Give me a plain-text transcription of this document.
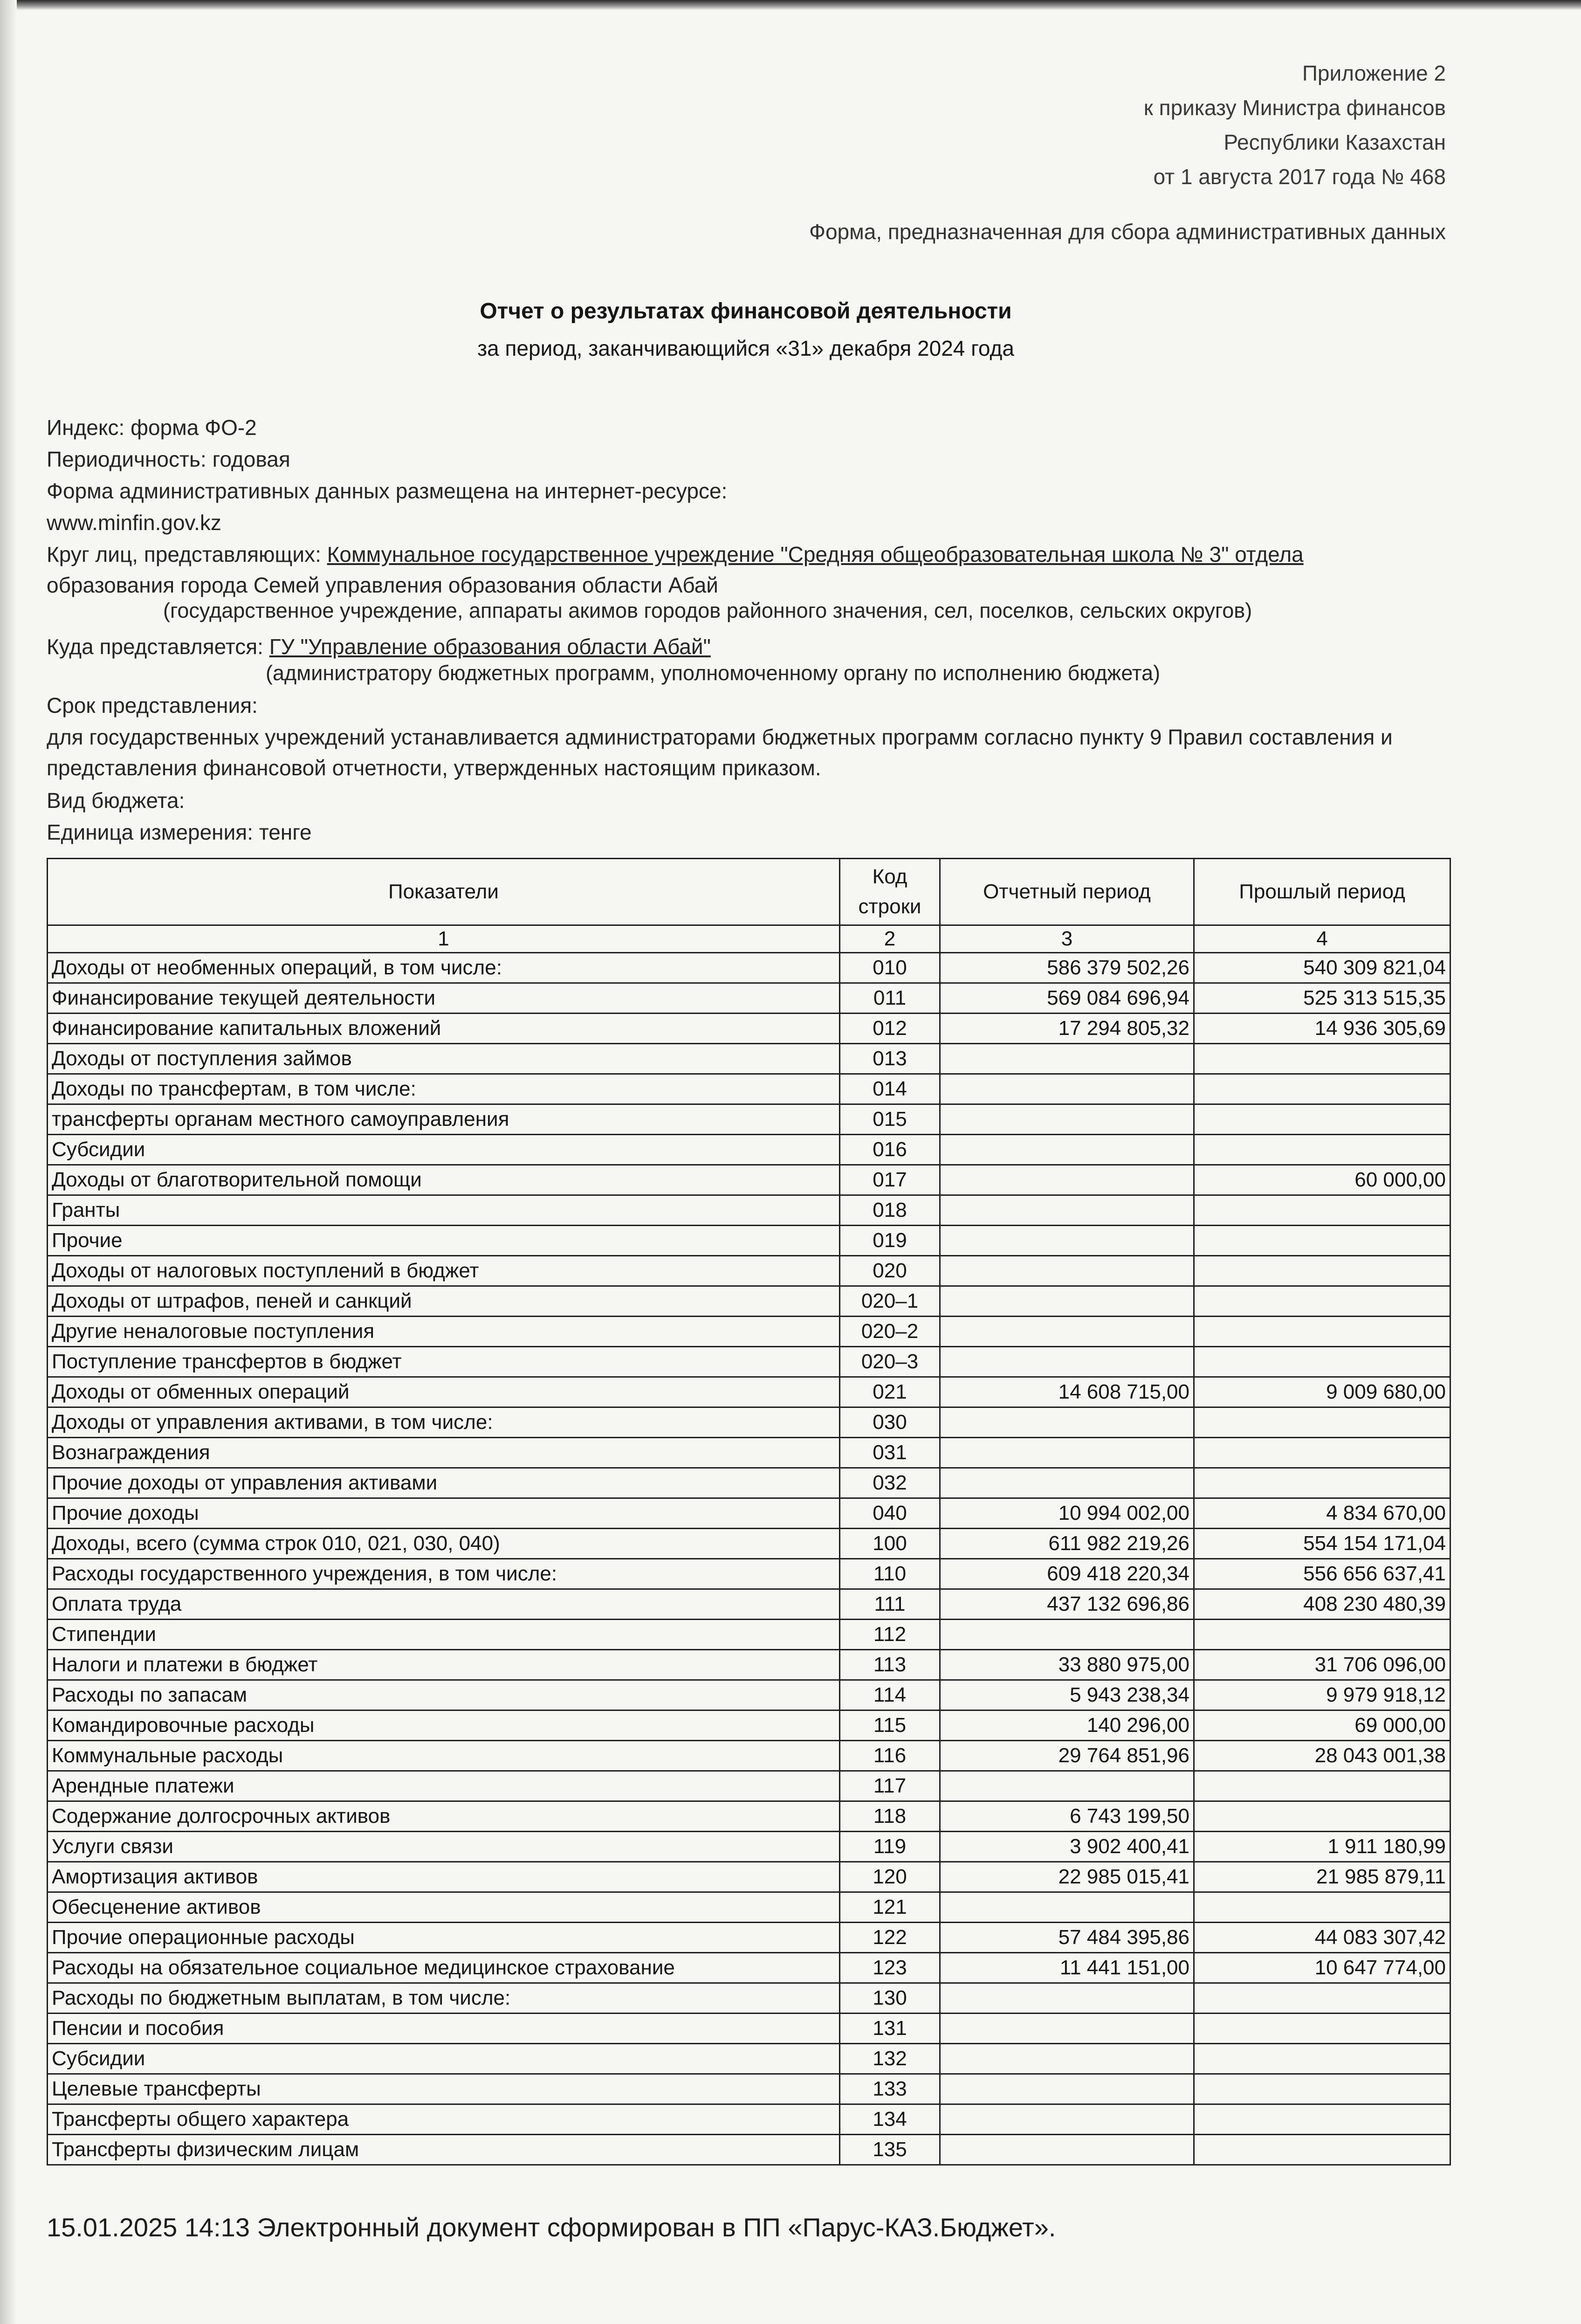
Приложение 2
к приказу Министра финансов
Республики Казахстан
от 1 августа 2017 года № 468
Форма, предназначенная для сбора административных данных
Отчет о результатах финансовой деятельности
за период, заканчивающийся «31» декабря 2024 года
Индекс: форма ФО-2
Периодичность: годовая
Форма административных данных размещена на интернет-ресурсе:
www.minfin.gov.kz
Круг лиц, представляющих: Коммунальное государственное учреждение "Средняя общеобразовательная школа № 3" отдела
образования города Семей управления образования области Абай
(государственное учреждение, аппараты акимов городов районного значения, сел, поселков, сельских округов)
Куда представляется: ГУ "Управление образования области Абай"
(администратору бюджетных программ, уполномоченному органу по исполнению бюджета)
Срок представления:
для государственных учреждений устанавливается администраторами бюджетных программ согласно пункту 9 Правил составления и
представления финансовой отчетности, утвержденных настоящим приказом.
Вид бюджета:
Единица измерения: тенге
Показатели	Код строки	Отчетный период	Прошлый период
1	2	3	4
Доходы от необменных операций, в том числе:	010	586 379 502,26	540 309 821,04
Финансирование текущей деятельности	011	569 084 696,94	525 313 515,35
Финансирование капитальных вложений	012	17 294 805,32	14 936 305,69
Доходы от поступления займов	013		
Доходы по трансфертам, в том числе:	014		
трансферты органам местного самоуправления	015		
Субсидии	016		
Доходы от благотворительной помощи	017		60 000,00
Гранты	018		
Прочие	019		
Доходы от налоговых поступлений в бюджет	020		
Доходы от штрафов, пеней и санкций	020–1		
Другие неналоговые поступления	020–2		
Поступление трансфертов в бюджет	020–3		
Доходы от обменных операций	021	14 608 715,00	9 009 680,00
Доходы от управления активами, в том числе:	030		
Вознаграждения	031		
Прочие доходы от управления активами	032		
Прочие доходы	040	10 994 002,00	4 834 670,00
Доходы, всего (сумма строк 010, 021, 030, 040)	100	611 982 219,26	554 154 171,04
Расходы государственного учреждения, в том числе:	110	609 418 220,34	556 656 637,41
Оплата труда	111	437 132 696,86	408 230 480,39
Стипендии	112		
Налоги и платежи в бюджет	113	33 880 975,00	31 706 096,00
Расходы по запасам	114	5 943 238,34	9 979 918,12
Командировочные расходы	115	140 296,00	69 000,00
Коммунальные расходы	116	29 764 851,96	28 043 001,38
Арендные платежи	117		
Содержание долгосрочных активов	118	6 743 199,50	
Услуги связи	119	3 902 400,41	1 911 180,99
Амортизация активов	120	22 985 015,41	21 985 879,11
Обесценение активов	121		
Прочие операционные расходы	122	57 484 395,86	44 083 307,42
Расходы на обязательное социальное медицинское страхование	123	11 441 151,00	10 647 774,00
Расходы по бюджетным выплатам, в том числе:	130		
Пенсии и пособия	131		
Субсидии	132		
Целевые трансферты	133		
Трансферты общего характера	134		
Трансферты физическим лицам	135		
15.01.2025 14:13 Электронный документ сформирован в ПП «Парус-КАЗ.Бюджет».
